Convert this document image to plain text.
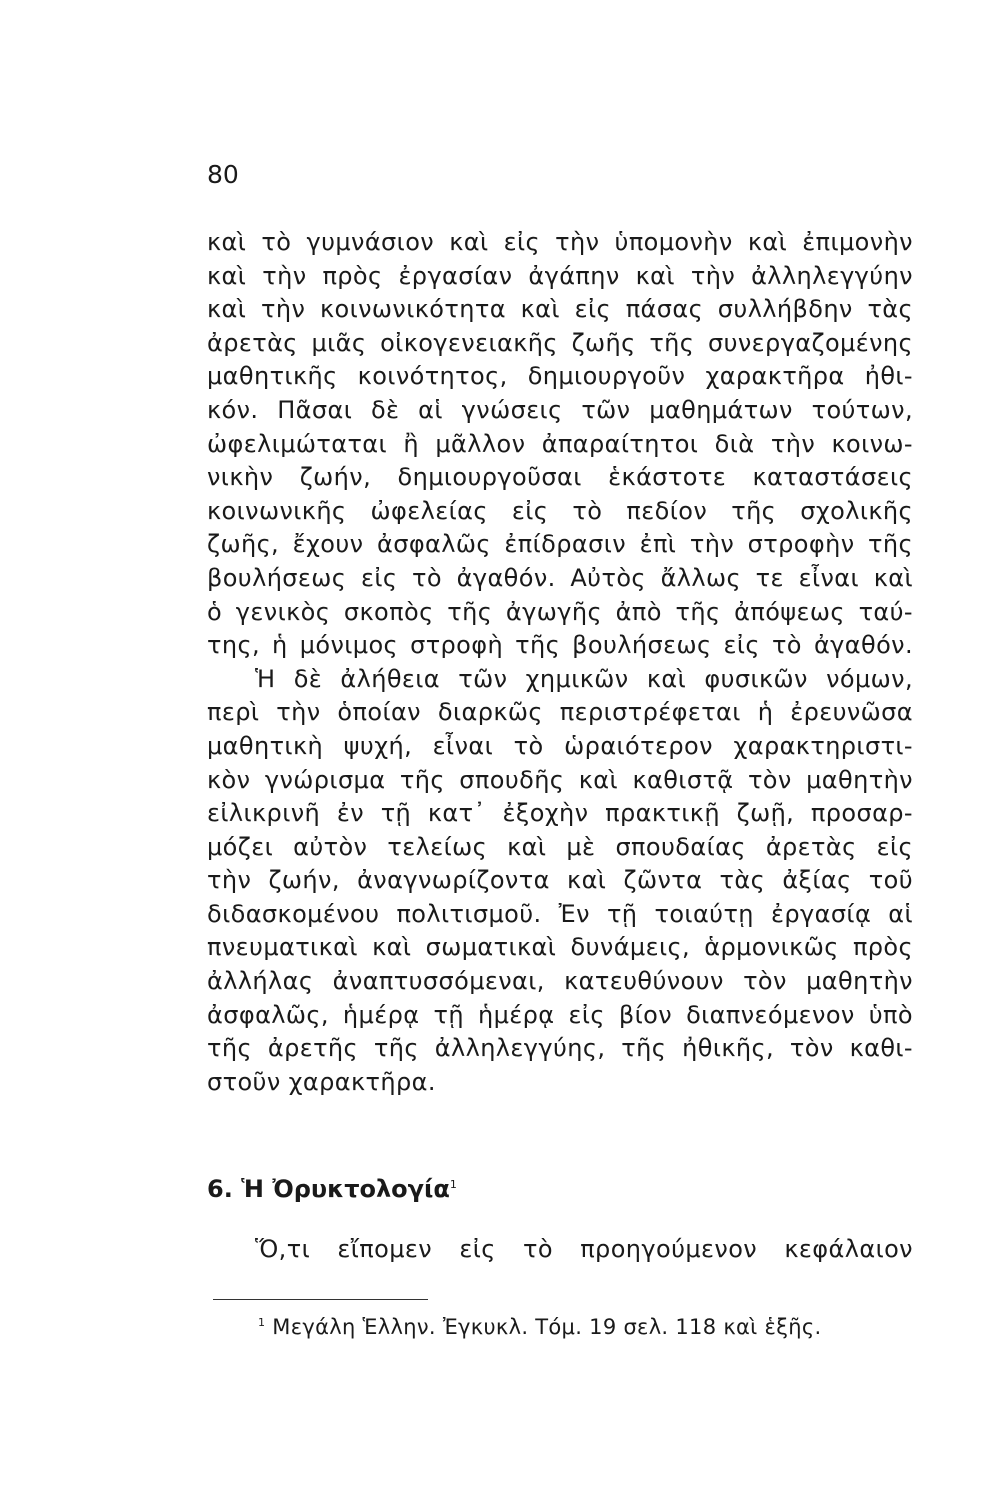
80
καὶ τὸ γυμνάσιον καὶ εἰς τὴν ὑπομονὴν καὶ ἐπιμονὴν
καὶ τὴν πρὸς ἐργασίαν ἀγάπην καὶ τὴν ἀλληλεγγύην
καὶ τὴν κοινωνικότητα καὶ εἰς πάσας συλλήβδην τὰς
ἀρετὰς μιᾶς οἰκογενειακῆς ζωῆς τῆς συνεργαζομένης
μαθητικῆς κοινότητος, δημιουργοῦν χαρακτῆρα ἠθι-
κόν. Πᾶσαι δὲ αἱ γνώσεις τῶν μαθημάτων τούτων,
ὠφελιμώταται ἢ μᾶλλον ἀπαραίτητοι διὰ τὴν κοινω-
νικὴν ζωήν, δημιουργοῦσαι ἑκάστοτε καταστάσεις
κοινωνικῆς ὠφελείας εἰς τὸ πεδίον τῆς σχολικῆς
ζωῆς, ἔχουν ἀσφαλῶς ἐπίδρασιν ἐπὶ τὴν στροφὴν τῆς
βουλήσεως εἰς τὸ ἀγαθόν. Αὐτὸς ἄλλως τε εἶναι καὶ
ὁ γενικὸς σκοπὸς τῆς ἀγωγῆς ἀπὸ τῆς ἀπόψεως ταύ-
της, ἡ μόνιμος στροφὴ τῆς βουλήσεως εἰς τὸ ἀγαθόν.
Ἡ δὲ ἀλήθεια τῶν χημικῶν καὶ φυσικῶν νόμων,
περὶ τὴν ὁποίαν διαρκῶς περιστρέφεται ἡ ἐρευνῶσα
μαθητικὴ ψυχή, εἶναι τὸ ὡραιότερον χαρακτηριστι-
κὸν γνώρισμα τῆς σπουδῆς καὶ καθιστᾷ τὸν μαθητὴν
εἰλικρινῆ ἐν τῇ κατ᾽ ἐξοχὴν πρακτικῇ ζωῇ, προσαρ-
μόζει αὐτὸν τελείως καὶ μὲ σπουδαίας ἀρετὰς εἰς
τὴν ζωήν, ἀναγνωρίζοντα καὶ ζῶντα τὰς ἀξίας τοῦ
διδασκομένου πολιτισμοῦ. Ἐν τῇ τοιαύτῃ ἐργασίᾳ αἱ
πνευματικαὶ καὶ σωματικαὶ δυνάμεις, ἁρμονικῶς πρὸς
ἀλλήλας ἀναπτυσσόμεναι, κατευθύνουν τὸν μαθητὴν
ἀσφαλῶς, ἡμέρᾳ τῇ ἡμέρᾳ εἰς βίον διαπνεόμενον ὑπὸ
τῆς ἀρετῆς τῆς ἀλληλεγγύης, τῆς ἠθικῆς, τὸν καθι-
στοῦν χαρακτῆρα.
6. Ἡ Ὀρυκτολογία$^1$
Ὅ,τι εἴπομεν εἰς τὸ προηγούμενον κεφάλαιον
$^1$ Μεγάλη Ἑλλην. Ἐγκυκλ. Τόμ. 19 σελ. 118 καὶ ἑξῆς.
